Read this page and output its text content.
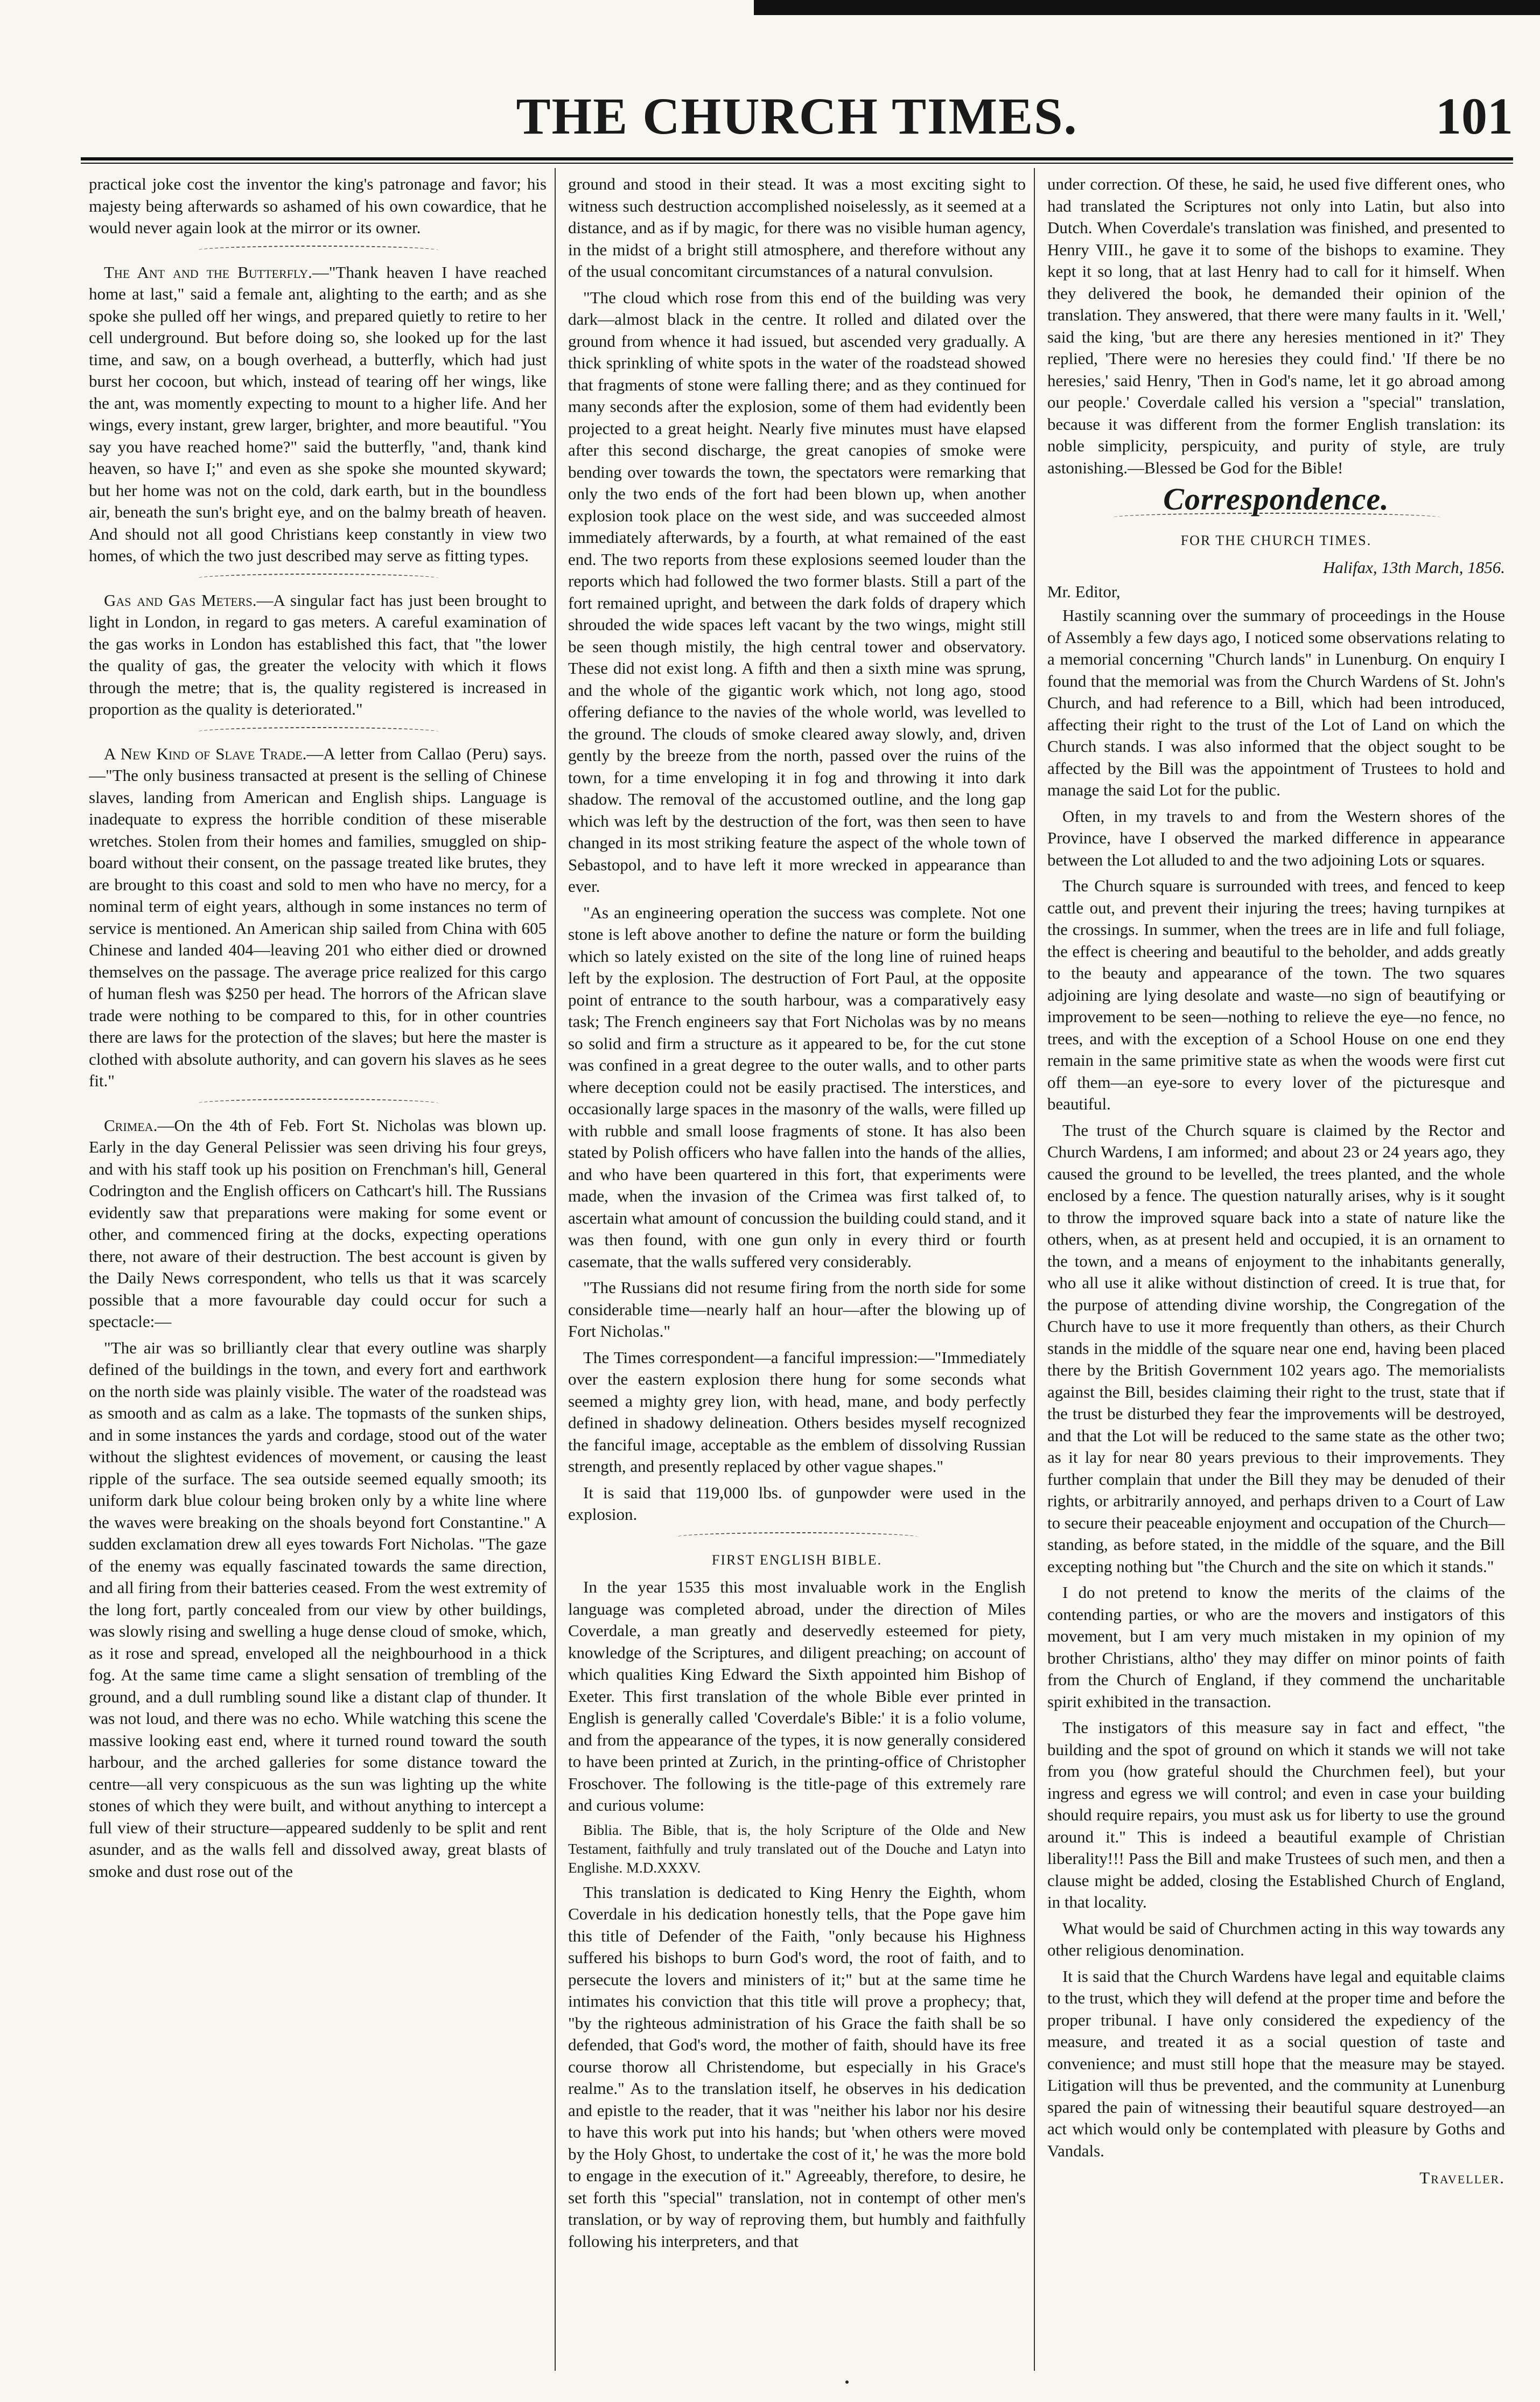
THE CHURCH TIMES.	101

practical joke cost the inventor the king's patronage and favor; his majesty being afterwards so ashamed of his own cowardice, that he would never again look at the mirror or its owner.

The Ant and the Butterfly.—"Thank heaven I have reached home at last," said a female ant, alighting to the earth; and as she spoke she pulled off her wings, and prepared quietly to retire to her cell underground. But before doing so, she looked up for the last time, and saw, on a bough overhead, a butterfly, which had just burst her cocoon, but which, instead of tearing off her wings, like the ant, was momently expecting to mount to a higher life. And her wings, every instant, grew larger, brighter, and more beautiful. "You say you have reached home?" said the butterfly, "and, thank kind heaven, so have I;" and even as she spoke she mounted skyward; but her home was not on the cold, dark earth, but in the boundless air, beneath the sun's bright eye, and on the balmy breath of heaven. And should not all good Christians keep constantly in view two homes, of which the two just described may serve as fitting types.

Gas and Gas Meters.—A singular fact has just been brought to light in London, in regard to gas meters. A careful examination of the gas works in London has established this fact, that "the lower the quality of gas, the greater the velocity with which it flows through the metre; that is, the quality registered is increased in proportion as the quality is deteriorated."

A New Kind of Slave Trade.—A letter from Callao (Peru) says.—"The only business transacted at present is the selling of Chinese slaves, landing from American and English ships. Language is inadequate to express the horrible condition of these miserable wretches. Stolen from their homes and families, smuggled on ship-board without their consent, on the passage treated like brutes, they are brought to this coast and sold to men who have no mercy, for a nominal term of eight years, although in some instances no term of service is mentioned. An American ship sailed from China with 605 Chinese and landed 404—leaving 201 who either died or drowned themselves on the passage. The average price realized for this cargo of human flesh was $250 per head. The horrors of the African slave trade were nothing to be compared to this, for in other countries there are laws for the protection of the slaves; but here the master is clothed with absolute authority, and can govern his slaves as he sees fit."

Crimea.—On the 4th of Feb. Fort St. Nicholas was blown up. Early in the day General Pelissier was seen driving his four greys, and with his staff took up his position on Frenchman's hill, General Codrington and the English officers on Cathcart's hill. The Russians evidently saw that preparations were making for some event or other, and commenced firing at the docks, expecting operations there, not aware of their destruction. The best account is given by the Daily News correspondent, who tells us that it was scarcely possible that a more favourable day could occur for such a spectacle:—

"The air was so brilliantly clear that every outline was sharply defined of the buildings in the town, and every fort and earthwork on the north side was plainly visible. The water of the roadstead was as smooth and as calm as a lake. The topmasts of the sunken ships, and in some instances the yards and cordage, stood out of the water without the slightest evidences of movement, or causing the least ripple of the surface. The sea outside seemed equally smooth; its uniform dark blue colour being broken only by a white line where the waves were breaking on the shoals beyond fort Constantine." A sudden exclamation drew all eyes towards Fort Nicholas. "The gaze of the enemy was equally fascinated towards the same direction, and all firing from their batteries ceased. From the west extremity of the long fort, partly concealed from our view by other buildings, was slowly rising and swelling a huge dense cloud of smoke, which, as it rose and spread, enveloped all the neighbourhood in a thick fog. At the same time came a slight sensation of trembling of the ground, and a dull rumbling sound like a distant clap of thunder. It was not loud, and there was no echo. While watching this scene the massive looking east end, where it turned round toward the south harbour, and the arched galleries for some distance toward the centre—all very conspicuous as the sun was lighting up the white stones of which they were built, and without anything to intercept a full view of their structure—appeared suddenly to be split and rent asunder, and as the walls fell and dissolved away, great blasts of smoke and dust rose out of the

ground and stood in their stead. It was a most exciting sight to witness such destruction accomplished noiselessly, as it seemed at a distance, and as if by magic, for there was no visible human agency, in the midst of a bright still atmosphere, and therefore without any of the usual concomitant circumstances of a natural convulsion.

"The cloud which rose from this end of the building was very dark—almost black in the centre. It rolled and dilated over the ground from whence it had issued, but ascended very gradually. A thick sprinkling of white spots in the water of the roadstead showed that fragments of stone were falling there; and as they continued for many seconds after the explosion, some of them had evidently been projected to a great height. Nearly five minutes must have elapsed after this second discharge, the great canopies of smoke were bending over towards the town, the spectators were remarking that only the two ends of the fort had been blown up, when another explosion took place on the west side, and was succeeded almost immediately afterwards, by a fourth, at what remained of the east end. The two reports from these explosions seemed louder than the reports which had followed the two former blasts. Still a part of the fort remained upright, and between the dark folds of drapery which shrouded the wide spaces left vacant by the two wings, might still be seen though mistily, the high central tower and observatory. These did not exist long. A fifth and then a sixth mine was sprung, and the whole of the gigantic work which, not long ago, stood offering defiance to the navies of the whole world, was levelled to the ground. The clouds of smoke cleared away slowly, and, driven gently by the breeze from the north, passed over the ruins of the town, for a time enveloping it in fog and throwing it into dark shadow. The removal of the accustomed outline, and the long gap which was left by the destruction of the fort, was then seen to have changed in its most striking feature the aspect of the whole town of Sebastopol, and to have left it more wrecked in appearance than ever.

"As an engineering operation the success was complete. Not one stone is left above another to define the nature or form the building which so lately existed on the site of the long line of ruined heaps left by the explosion. The destruction of Fort Paul, at the opposite point of entrance to the south harbour, was a comparatively easy task; The French engineers say that Fort Nicholas was by no means so solid and firm a structure as it appeared to be, for the cut stone was confined in a great degree to the outer walls, and to other parts where deception could not be easily practised. The interstices, and occasionally large spaces in the masonry of the walls, were filled up with rubble and small loose fragments of stone. It has also been stated by Polish officers who have fallen into the hands of the allies, and who have been quartered in this fort, that experiments were made, when the invasion of the Crimea was first talked of, to ascertain what amount of concussion the building could stand, and it was then found, with one gun only in every third or fourth casemate, that the walls suffered very considerably.

"The Russians did not resume firing from the north side for some considerable time—nearly half an hour—after the blowing up of Fort Nicholas."

The Times correspondent—a fanciful impression:—"Immediately over the eastern explosion there hung for some seconds what seemed a mighty grey lion, with head, mane, and body perfectly defined in shadowy delineation. Others besides myself recognized the fanciful image, acceptable as the emblem of dissolving Russian strength, and presently replaced by other vague shapes."

It is said that 119,000 lbs. of gunpowder were used in the explosion.

FIRST ENGLISH BIBLE.

In the year 1535 this most invaluable work in the English language was completed abroad, under the direction of Miles Coverdale, a man greatly and deservedly esteemed for piety, knowledge of the Scriptures, and diligent preaching; on account of which qualities King Edward the Sixth appointed him Bishop of Exeter. This first translation of the whole Bible ever printed in English is generally called 'Coverdale's Bible:' it is a folio volume, and from the appearance of the types, it is now generally considered to have been printed at Zurich, in the printing-office of Christopher Froschover. The following is the title-page of this extremely rare and curious volume:

Biblia. The Bible, that is, the holy Scripture of the Olde and New Testament, faithfully and truly translated out of the Douche and Latyn into Englishe. M.D.XXXV.

This translation is dedicated to King Henry the Eighth, whom Coverdale in his dedication honestly tells, that the Pope gave him this title of Defender of the Faith, "only because his Highness suffered his bishops to burn God's word, the root of faith, and to persecute the lovers and ministers of it;" but at the same time he intimates his conviction that this title will prove a prophecy; that, "by the righteous administration of his Grace the faith shall be so defended, that God's word, the mother of faith, should have its free course thorow all Christendome, but especially in his Grace's realme." As to the translation itself, he observes in his dedication and epistle to the reader, that it was "neither his labor nor his desire to have this work put into his hands; but 'when others were moved by the Holy Ghost, to undertake the cost of it,' he was the more bold to engage in the execution of it." Agreeably, therefore, to desire, he set forth this "special" translation, not in contempt of other men's translation, or by way of reproving them, but humbly and faithfully following his interpreters, and that

under correction. Of these, he said, he used five different ones, who had translated the Scriptures not only into Latin, but also into Dutch. When Coverdale's translation was finished, and presented to Henry VIII., he gave it to some of the bishops to examine. They kept it so long, that at last Henry had to call for it himself. When they delivered the book, he demanded their opinion of the translation. They answered, that there were many faults in it. 'Well,' said the king, 'but are there any heresies mentioned in it?' They replied, 'There were no heresies they could find.' 'If there be no heresies,' said Henry, 'Then in God's name, let it go abroad among our people.' Coverdale called his version a "special" translation, because it was different from the former English translation: its noble simplicity, perspicuity, and purity of style, are truly astonishing.—Blessed be God for the Bible!

Correspondence.
FOR THE CHURCH TIMES.
Halifax, 13th March, 1856.
Mr. Editor,

Hastily scanning over the summary of proceedings in the House of Assembly a few days ago, I noticed some observations relating to a memorial concerning "Church lands" in Lunenburg. On enquiry I found that the memorial was from the Church Wardens of St. John's Church, and had reference to a Bill, which had been introduced, affecting their right to the trust of the Lot of Land on which the Church stands. I was also informed that the object sought to be affected by the Bill was the appointment of Trustees to hold and manage the said Lot for the public.

Often, in my travels to and from the Western shores of the Province, have I observed the marked difference in appearance between the Lot alluded to and the two adjoining Lots or squares.

The Church square is surrounded with trees, and fenced to keep cattle out, and prevent their injuring the trees; having turnpikes at the crossings. In summer, when the trees are in life and full foliage, the effect is cheering and beautiful to the beholder, and adds greatly to the beauty and appearance of the town. The two squares adjoining are lying desolate and waste—no sign of beautifying or improvement to be seen—nothing to relieve the eye—no fence, no trees, and with the exception of a School House on one end they remain in the same primitive state as when the woods were first cut off them—an eye-sore to every lover of the picturesque and beautiful.

The trust of the Church square is claimed by the Rector and Church Wardens, I am informed; and about 23 or 24 years ago, they caused the ground to be levelled, the trees planted, and the whole enclosed by a fence. The question naturally arises, why is it sought to throw the improved square back into a state of nature like the others, when, as at present held and occupied, it is an ornament to the town, and a means of enjoyment to the inhabitants generally, who all use it alike without distinction of creed. It is true that, for the purpose of attending divine worship, the Congregation of the Church have to use it more frequently than others, as their Church stands in the middle of the square near one end, having been placed there by the British Government 102 years ago. The memorialists against the Bill, besides claiming their right to the trust, state that if the trust be disturbed they fear the improvements will be destroyed, and that the Lot will be reduced to the same state as the other two; as it lay for near 80 years previous to their improvements. They further complain that under the Bill they may be denuded of their rights, or arbitrarily annoyed, and perhaps driven to a Court of Law to secure their peaceable enjoyment and occupation of the Church—standing, as before stated, in the middle of the square, and the Bill excepting nothing but "the Church and the site on which it stands."

I do not pretend to know the merits of the claims of the contending parties, or who are the movers and instigators of this movement, but I am very much mistaken in my opinion of my brother Christians, altho' they may differ on minor points of faith from the Church of England, if they commend the uncharitable spirit exhibited in the transaction.

The instigators of this measure say in fact and effect, "the building and the spot of ground on which it stands we will not take from you (how grateful should the Churchmen feel), but your ingress and egress we will control; and even in case your building should require repairs, you must ask us for liberty to use the ground around it." This is indeed a beautiful example of Christian liberality!!! Pass the Bill and make Trustees of such men, and then a clause might be added, closing the Established Church of England, in that locality.

What would be said of Churchmen acting in this way towards any other religious denomination.

It is said that the Church Wardens have legal and equitable claims to the trust, which they will defend at the proper time and before the proper tribunal. I have only considered the expediency of the measure, and treated it as a social question of taste and convenience; and must still hope that the measure may be stayed. Litigation will thus be prevented, and the community at Lunenburg spared the pain of witnessing their beautiful square destroyed—an act which would only be contemplated with pleasure by Goths and Vandals.

Traveller.
